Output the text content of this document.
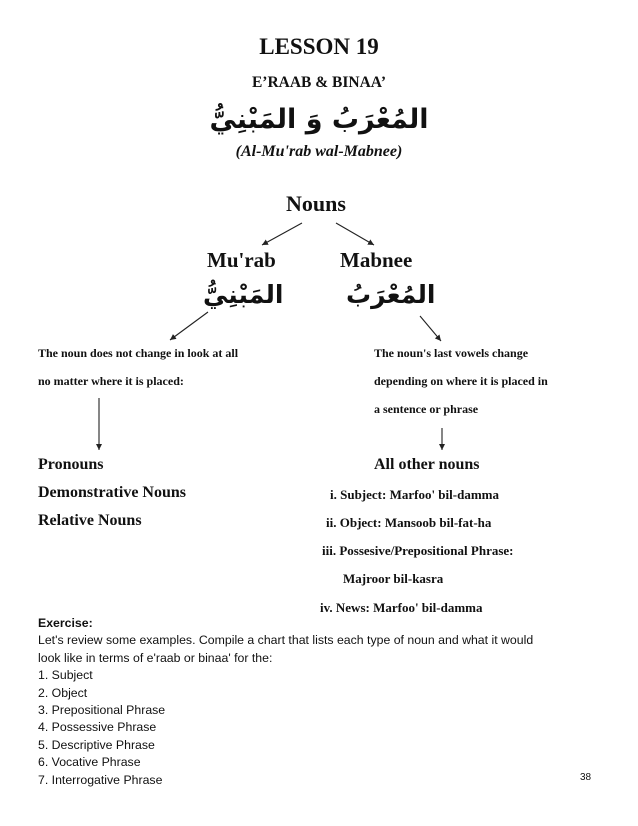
LESSON 19
E’RAAB & BINAA’
المُعْرَبُ وَ المَبْنِيُّ
(Al-Mu'rab wal-Mabnee)
Nouns
Mu'rab	Mabnee
المَبْنِيُّ	المُعْرَبُ
The noun does not change in look at all
no matter where it is placed:
The noun's last vowels change
depending on where it is placed in
a sentence or phrase
Pronouns
Demonstrative Nouns
Relative Nouns
All other nouns
i. Subject: Marfoo' bil-damma
ii. Object: Mansoob bil-fat-ha
iii. Possesive/Prepositional Phrase:
Majroor bil-kasra
iv. News: Marfoo' bil-damma
Exercise:
Let's review some examples. Compile a chart that lists each type of noun and what it would
look like in terms of e'raab or binaa' for the:
1. Subject
2. Object
3. Prepositional Phrase
4. Possessive Phrase
5. Descriptive Phrase
6. Vocative Phrase
7. Interrogative Phrase	38
